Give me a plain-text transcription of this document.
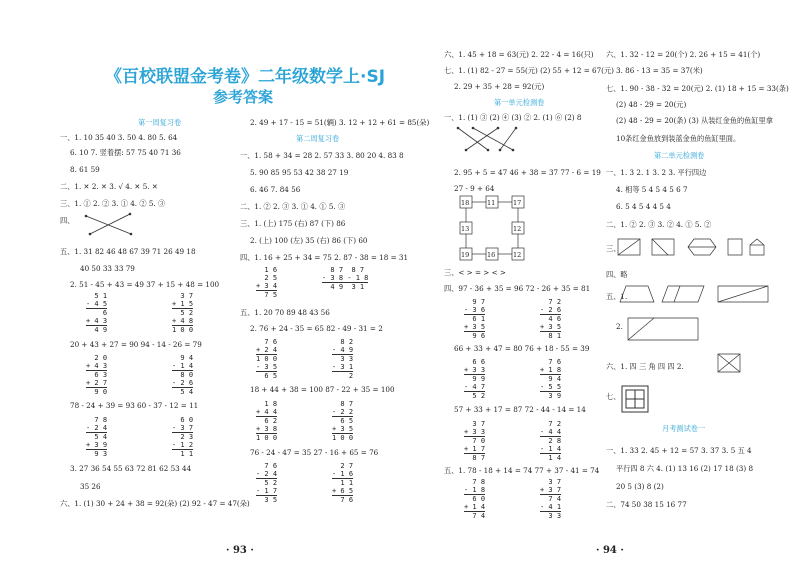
《百校联盟金考卷》二年级数学上·SJ
参考答案
第一周复习卷
一、1. 10 35 40 3. 50 4. 80 5. 64
6. 10 7. 竖着摆: 57 75 40 71 36
8. 61 59
二、1. ✕ 2. ✕ 3. √ 4. ✕ 5. ✕
三、1. ① 2. ② 3. ① 4. ② 5. ③
四、
五、1. 31 82 46 48 67 39 71 26 49 18
40 50 33 33 79
2. 51 - 45 + 43 = 49 37 + 15 + 48 = 100
5 1
- 4 5
6
+ 4 3
4 9
3 7
+ 1 5
5 2
+ 4 8
1 0 0
20 + 43 + 27 = 90 94 - 14 - 26 = 79
2 0
+ 4 3
6 3
+ 2 7
9 0
9 4
- 1 4
8 0
- 2 6
5 4
78 - 24 + 39 = 93 60 - 37 - 12 = 11
7 8
- 2 4
5 4
+ 3 9
9 3
6 0
- 3 7
2 3
- 1 2
1 1
3. 27 36 54 55 63 72 81 62 53 44
35 26
六、1. (1) 30 + 24 + 38 = 92(朵) (2) 92 - 47 = 47(朵)
2. 49 + 17 - 15 = 51(辆) 3. 12 + 12 + 61 = 85(朵)
第二周复习卷
一、1. 58 + 34 = 28 2. 57 33 3. 80 20 4. 83 8
5. 90 85 95 53 42 38 27 19
6. 46 7. 84 56
二、1. ② 2. ③ 3. ① 4. ① 5. ③
三、1. (上) 175 (右) 87 (下) 86
2. (上) 100 (左) 35 (右) 86 (下) 60
四、1. 16 + 25 + 34 = 75 2. 87 - 38 = 18 = 31
1 6
2 5
+ 3 4
7 5
8 7  8 7
- 3 8 - 1 8
4 9  3 1
五、1. 20 70 89 48 43 56
2. 76 + 24 - 35 = 65 82 - 49 - 31 = 2
7 6
+ 2 4
1 0 0
- 3 5
6 5
8 2
- 4 9
3 3
- 3 1
2
18 + 44 + 38 = 100 87 - 22 + 35 = 100
1 8
+ 4 4
6 2
+ 3 8
1 0 0
8 7
- 2 2
6 5
+ 3 5
1 0 0
76 - 24 - 47 = 35 27 - 16 + 65 = 76
7 6
- 2 4
5 2
- 1 7
3 5
2 7
- 1 6
1 1
+ 6 5
7 6
· 93 ·
六、1. 45 + 18 = 63(元) 2. 22 - 4 = 16(只)
七、1. (1) 82 - 27 = 55(元) (2) 55 + 12 = 67(元)
2. 29 + 35 + 28 = 92(元)
第一单元检测卷
一、1. (1) ③ (2) ④ (3) ② 2. (1) ⑥ (2) 8
2. 95 + 5 = 47 46 + 38 = 37 77 - 6 = 19
27 - 9 + 64
18	11	17
13	12
19	16	12
三、< > = > < >
四、97 - 36 + 35 = 96 72 - 26 + 35 = 81
9 7
- 3 6
6 1
+ 3 5
9 6
7 2
- 2 6
4 6
+ 3 5
8 1
66 + 33 + 47 = 80 76 + 18 - 55 = 39
6 6
+ 3 3
9 9
- 4 7
5 2
7 6
+ 1 8
9 4
- 5 5
3 9
57 + 33 + 17 = 87 72 - 44 - 14 = 14
3 7
+ 3 3
7 0
+ 1 7
8 7
7 2
- 4 4
2 8
- 1 4
1 4
五、1. 78 - 18 + 14 = 74 77 + 37 - 41 = 74
7 8
- 1 8
6 0
+ 1 4
7 4
3 7
+ 3 7
7 4
- 4 1
3 3
六、1. 32 - 12 = 20(个) 2. 26 + 15 = 41(个)
3. 86 - 13 = 35 = 37(米)
七、1. 90 - 38 - 32 = 20(元) 2. (1) 18 + 15 = 33(条)
(2) 48 - 29 = 20(元)
(2) 48 - 29 = 20(条) (3) 从装红金鱼的鱼缸里拿
10条红金鱼放到装蓝金鱼的鱼缸里面。
第二单元检测卷
一、1. 3 2. 1 3. 2 3. 平行四边
4. 相等 5 4 5 4 5 6 7
6. 5 4 5 4 4 5 4
二、1. ② 2. ③ 3. ② 4. ① 5. ②
三、
四、略
五、1.
2.
六、1. 四 三 角 四 四 2.
七、
月考测试卷一
一、1. 33 2. 45 + 12 = 57 3. 37 3. 5 五 4
平行四 8 六 4. (1) 13 16 (2) 17 18 (3) 8
20 5 (3) 8 (2)
二、74 50 38 15 16 77
· 94 ·
